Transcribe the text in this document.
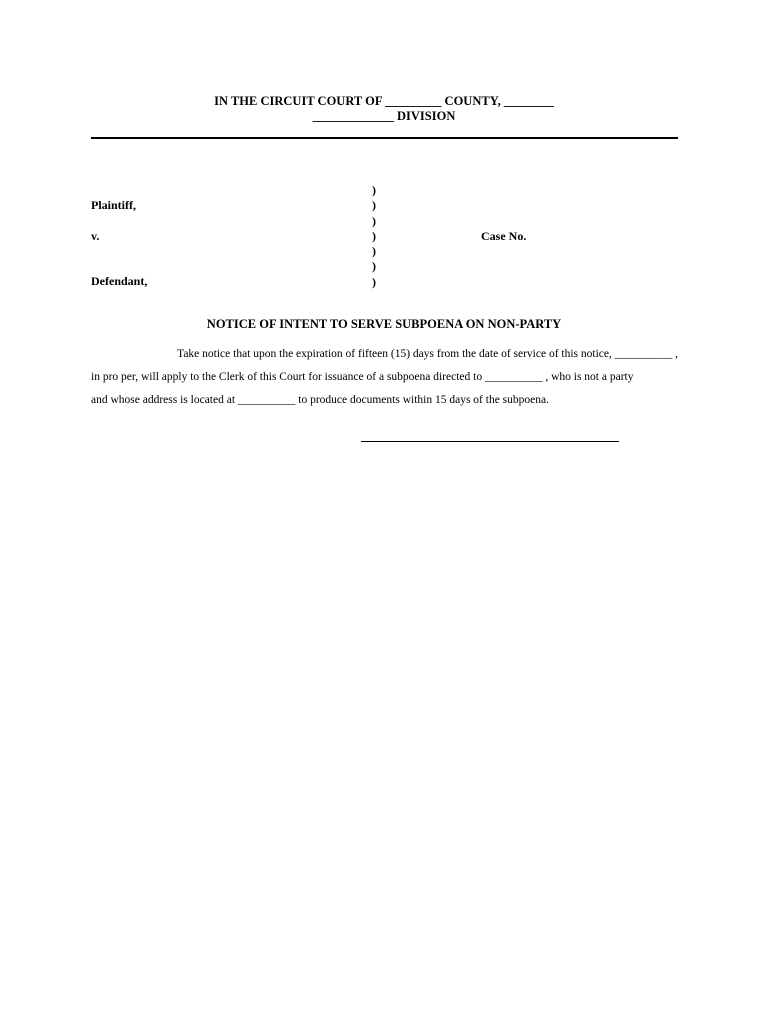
IN THE CIRCUIT COURT OF _________ COUNTY, ________
_____________ DIVISION
Plaintiff,
v.
Defendant,
)
)
)
)
)
)
)
Case No.
NOTICE OF INTENT TO SERVE SUBPOENA ON NON-PARTY
Take notice that upon the expiration of fifteen (15) days from the date of service of this notice, __________ ,
in pro per, will apply to the Clerk of this Court for issuance of a subpoena directed to __________ , who is not a party
and whose address is located at __________ to produce documents within 15 days of the subpoena.
